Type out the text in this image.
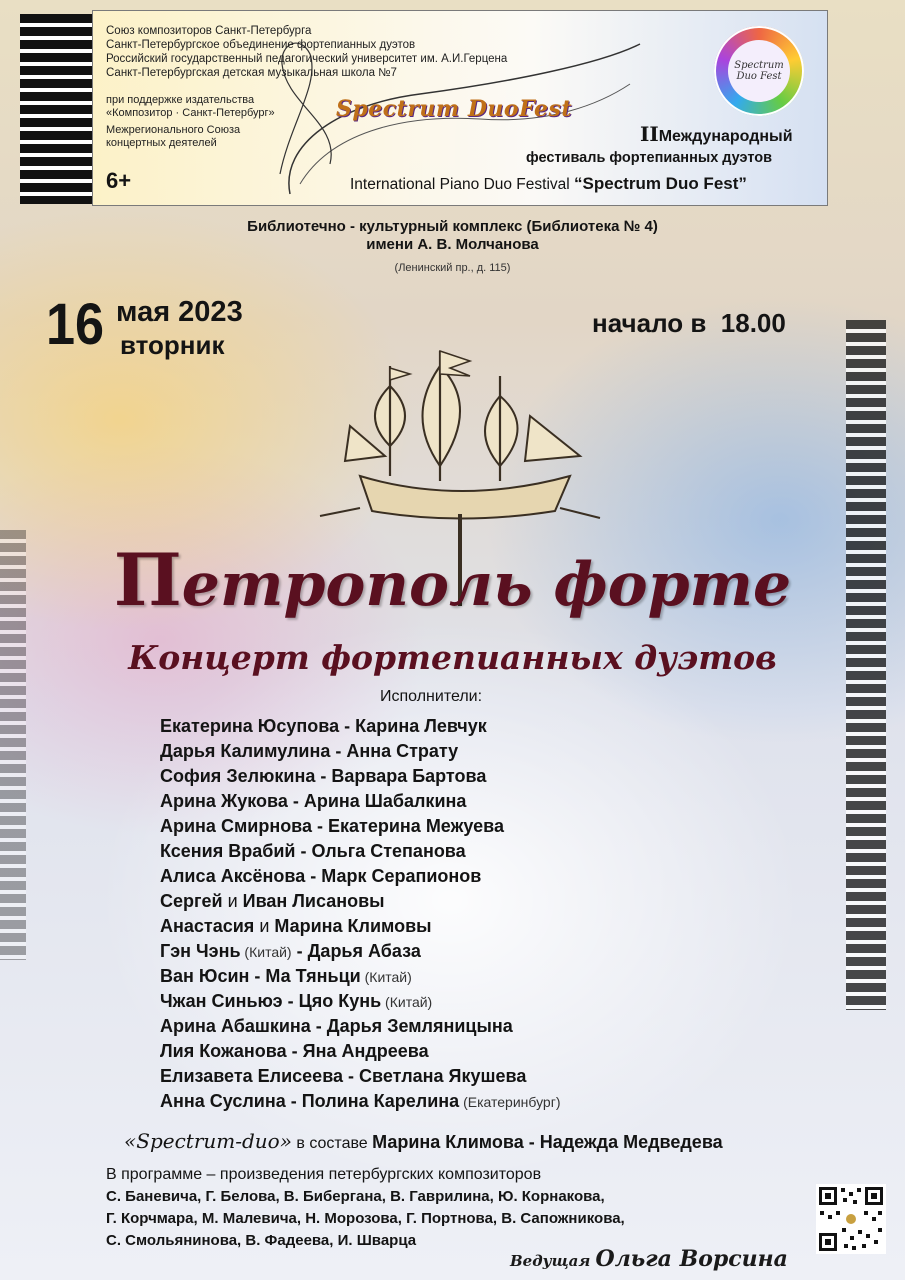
Союз композиторов Санкт-Петербурга
Санкт-Петербургское объединение фортепианных дуэтов
Российский государственный педагогический университет им. А.И.Герцена
Санкт-Петербургская детская музыкальная школа №7
при поддержке издательства
«Композитор · Санкт-Петербург»
Межрегионального Союза
концертных деятелей
6+
Spectrum DuoFest
Spectrum Duo Fest
IIМеждународный
фестиваль фортепианных дуэтов
International Piano Duo Festival “Spectrum Duo Fest”
Библиотечно - культурный комплекс (Библиотека № 4)
имени А. В. Молчанова
(Ленинский пр., д. 115)
16 мая 2023
вторник
начало в  18.00
Петрополь форте
Концерт фортепианных дуэтов
Исполнители:
Екатерина Юсупова - Карина Левчук
Дарья Калимулина - Анна Страту
София Зелюкина - Варвара Бартова
Арина Жукова - Арина Шабалкина
Арина Смирнова - Екатерина Межуева
Ксения Врабий - Ольга Степанова
Алиса Аксёнова - Марк Серапионов
Сергей и Иван Лисановы
Анастасия и Марина Климовы
Гэн Чэнь (Китай) - Дарья Абаза
Ван Юсин - Ма Тяньци (Китай)
Чжан Синьюэ - Цяо Кунь (Китай)
Арина Абашкина - Дарья Земляницына
Лия Кожанова - Яна Андреева
Елизавета Елисеева - Светлана Якушева
Анна Суслина - Полина Карелина (Екатеринбург)
«Spectrum-duo» в составе Марина Климова - Надежда Медведева
В программе – произведения петербургских композиторов
С. Баневича, Г. Белова, В. Бибергана, В. Гаврилина, Ю. Корнакова,
Г. Корчмара, М. Малевича, Н. Морозова, Г. Портнова, В. Сапожникова,
С. Смольянинова, В. Фадеева, И. Шварца
Ведущая Ольга Ворсина
